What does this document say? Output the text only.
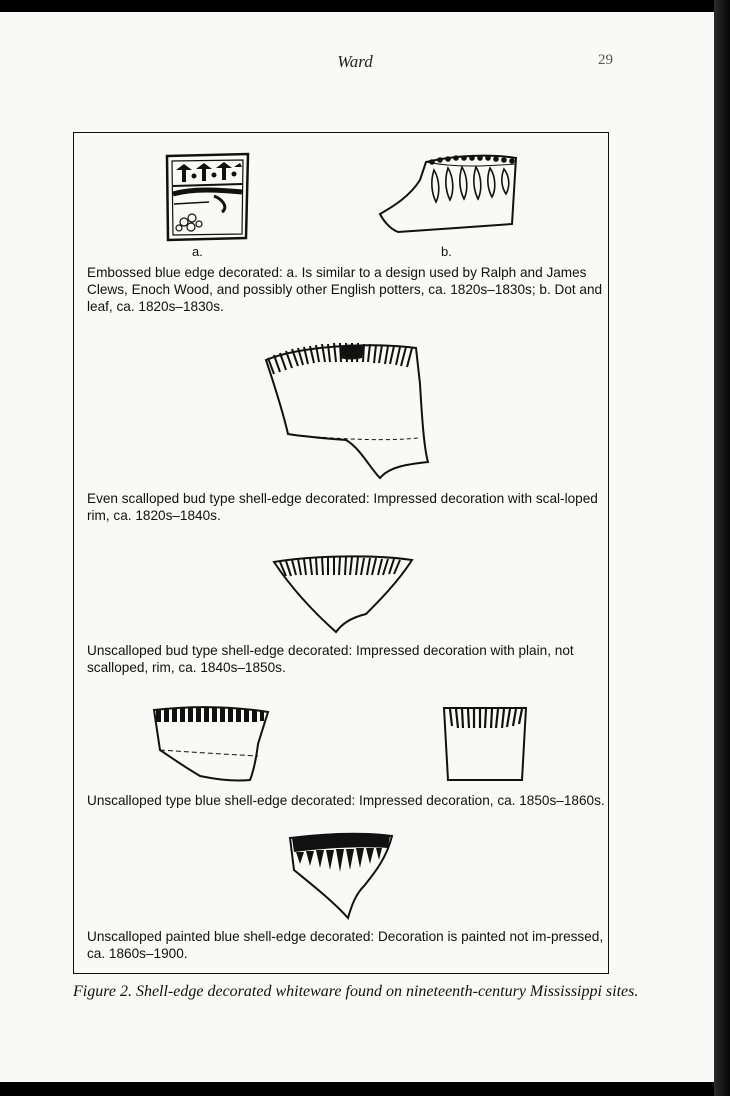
Ward	29
a.	b.
Embossed blue edge decorated: a. Is similar to a design used by Ralph and James Clews, Enoch Wood, and possibly other English potters, ca. 1820s–1830s; b. Dot and leaf, ca. 1820s–1830s.
Even scalloped bud type shell-edge decorated: Impressed decoration with scal-loped rim, ca. 1820s–1840s.
Unscalloped bud type shell-edge decorated: Impressed decoration with plain, not scalloped, rim, ca. 1840s–1850s.
Unscalloped type blue shell-edge decorated: Impressed decoration, ca. 1850s–1860s.
Unscalloped painted blue shell-edge decorated: Decoration is painted not im-pressed, ca. 1860s–1900.
Figure 2. Shell-edge decorated whiteware found on nineteenth-century Mississippi sites.
